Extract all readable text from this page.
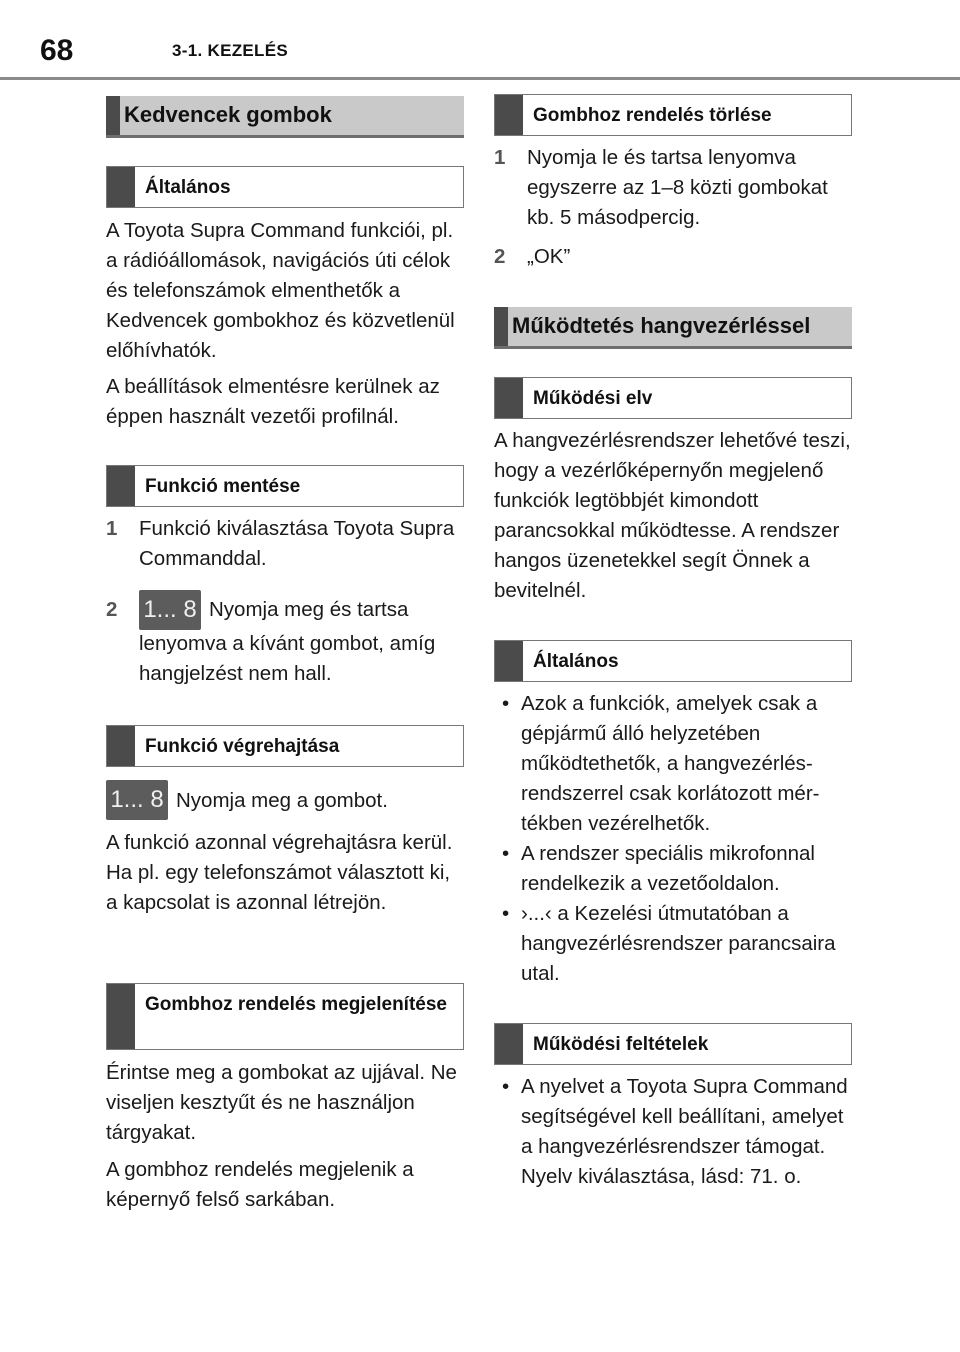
68	3-1. KEZELÉS
Kedvencek gombok
Általános
A Toyota Supra Command funkciói, pl. a rádióállomások, navigációs úti célok és telefonszámok elmenthetők a Kedvencek gombokhoz és közvetlenül előhívhatók.
A beállítások elmentésre kerülnek az éppen használt vezetői profilnál.
Funkció mentése
1 Funkció kiválasztása Toyota Supra Commanddal.
2 1... 8 Nyomja meg és tartsa
lenyomva a kívánt gombot, amíg hangjelzést nem hall.
Funkció végrehajtása
1... 8 Nyomja meg a gombot.
A funkció azonnal végrehajtásra kerül. Ha pl. egy telefonszámot választott ki, a kapcsolat is azonnal létrejön.
Gombhoz rendelés megjelenítése
Érintse meg a gombokat az ujjával. Ne viseljen kesztyűt és ne használjon tárgyakat.
A gombhoz rendelés megjelenik a képernyő felső sarkában.
Gombhoz rendelés törlése
1 Nyomja le és tartsa lenyomva egyszerre az 1–8 közti gombokat kb. 5 másodpercig.
2 „OK”
Működtetés hangvezérléssel
Működési elv
A hangvezérlésrendszer lehetővé teszi, hogy a vezérlőképernyőn megjelenő funkciók legtöbbjét kimondott parancsokkal működtesse. A rendszer hangos üzenetekkel segít Önnek a bevitelnél.
Általános
• Azok a funkciók, amelyek csak a gépjármű álló helyzetében működtethetők, a hangvezérlésrendszerrel csak korlátozott mértékben vezérelhetők.
• A rendszer speciális mikrofonnal rendelkezik a vezetőoldalon.
• ›...‹ a Kezelési útmutatóban a hangvezérlésrendszer parancsaira utal.
Működési feltételek
• A nyelvet a Toyota Supra Command segítségével kell beállítani, amelyet a hangvezérlésrendszer támogat. Nyelv kiválasztása, lásd: 71. o.
